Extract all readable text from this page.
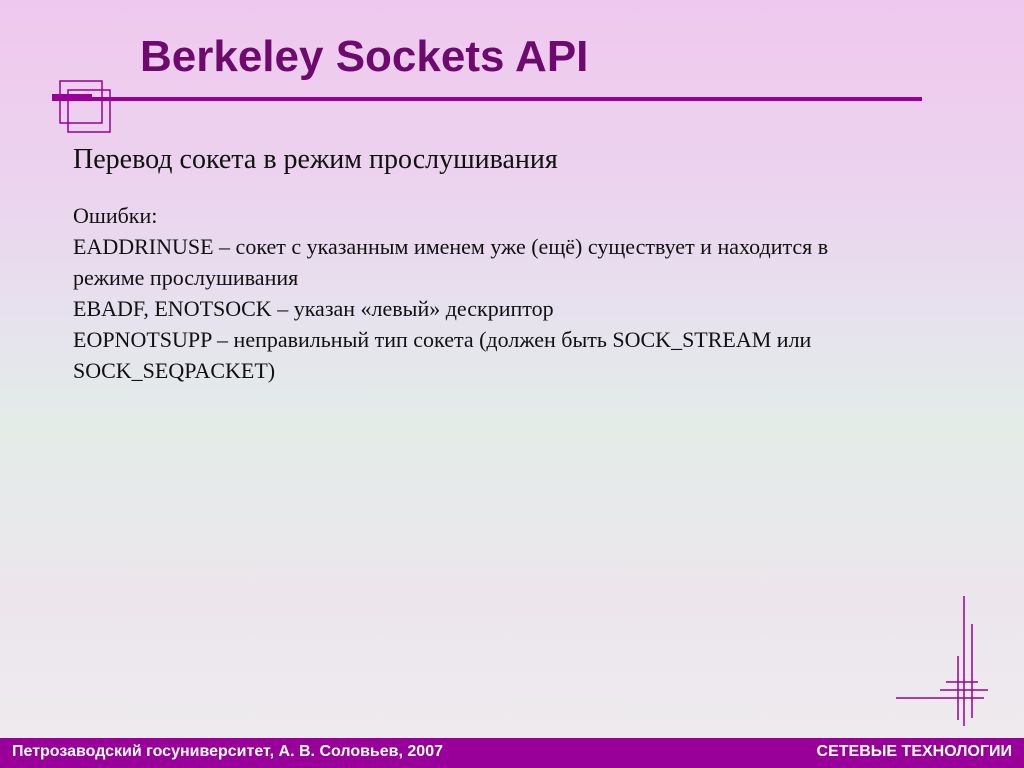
Berkeley Sockets API
Перевод сокета в режим прослушивания
Ошибки:
EADDRINUSE – сокет с указанным именем уже (ещё) существует и находится в
режиме прослушивания
EBADF, ENOTSOCK – указан «левый» дескриптор
EOPNOTSUPP – неправильный тип сокета (должен быть SOCK_STREAM или
SOCK_SEQPACKET)
Петрозаводский госуниверситет, А. В. Соловьев, 2007	СЕТЕВЫЕ ТЕХНОЛОГИИ
